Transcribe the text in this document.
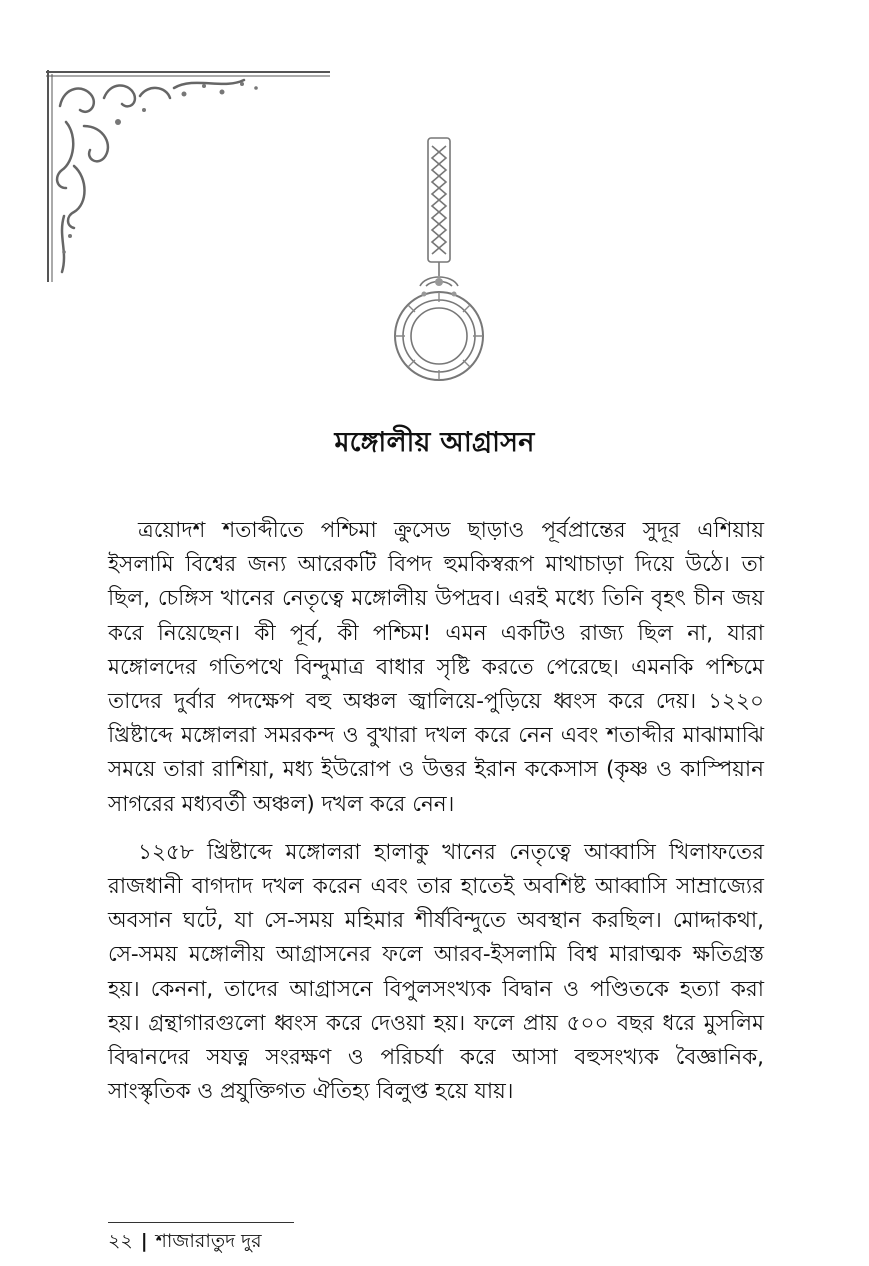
মঙ্গোলীয় আগ্রাসন

ত্রয়োদশ শতাব্দীতে পশ্চিমা ক্রুসেড ছাড়াও পূর্বপ্রান্তের সুদূর এশিয়ায় ইসলামি বিশ্বের জন্য আরেকটি বিপদ হুমকিস্বরূপ মাথাচাড়া দিয়ে উঠে। তা ছিল, চেঙ্গিস খানের নেতৃত্বে মঙ্গোলীয় উপদ্রব। এরই মধ্যে তিনি বৃহৎ চীন জয় করে নিয়েছেন। কী পূর্ব, কী পশ্চিম! এমন একটিও রাজ্য ছিল না, যারা মঙ্গোলদের গতিপথে বিন্দুমাত্র বাধার সৃষ্টি করতে পেরেছে। এমনকি পশ্চিমে তাদের দুর্বার পদক্ষেপ বহু অঞ্চল জ্বালিয়ে-পুড়িয়ে ধ্বংস করে দেয়। ১২২০ খ্রিষ্টাব্দে মঙ্গোলরা সমরকন্দ ও বুখারা দখল করে নেন এবং শতাব্দীর মাঝামাঝি সময়ে তারা রাশিয়া, মধ্য ইউরোপ ও উত্তর ইরান ককেসাস (কৃষ্ণ ও কাস্পিয়ান সাগরের মধ্যবর্তী অঞ্চল) দখল করে নেন।

১২৫৮ খ্রিষ্টাব্দে মঙ্গোলরা হালাকু খানের নেতৃত্বে আব্বাসি খিলাফতের রাজধানী বাগদাদ দখল করেন এবং তার হাতেই অবশিষ্ট আব্বাসি সাম্রাজ্যের অবসান ঘটে, যা সে-সময় মহিমার শীর্ষবিন্দুতে অবস্থান করছিল। মোদ্দাকথা, সে-সময় মঙ্গোলীয় আগ্রাসনের ফলে আরব-ইসলামি বিশ্ব মারাত্মক ক্ষতিগ্রস্ত হয়। কেননা, তাদের আগ্রাসনে বিপুলসংখ্যক বিদ্বান ও পণ্ডিতকে হত্যা করা হয়। গ্রন্থাগারগুলো ধ্বংস করে দেওয়া হয়। ফলে প্রায় ৫০০ বছর ধরে মুসলিম বিদ্বানদের সযত্ন সংরক্ষণ ও পরিচর্যা করে আসা বহুসংখ্যক বৈজ্ঞানিক, সাংস্কৃতিক ও প্রযুক্তিগত ঐতিহ্য বিলুপ্ত হয়ে যায়।

২২ | শাজারাতুদ দুর
